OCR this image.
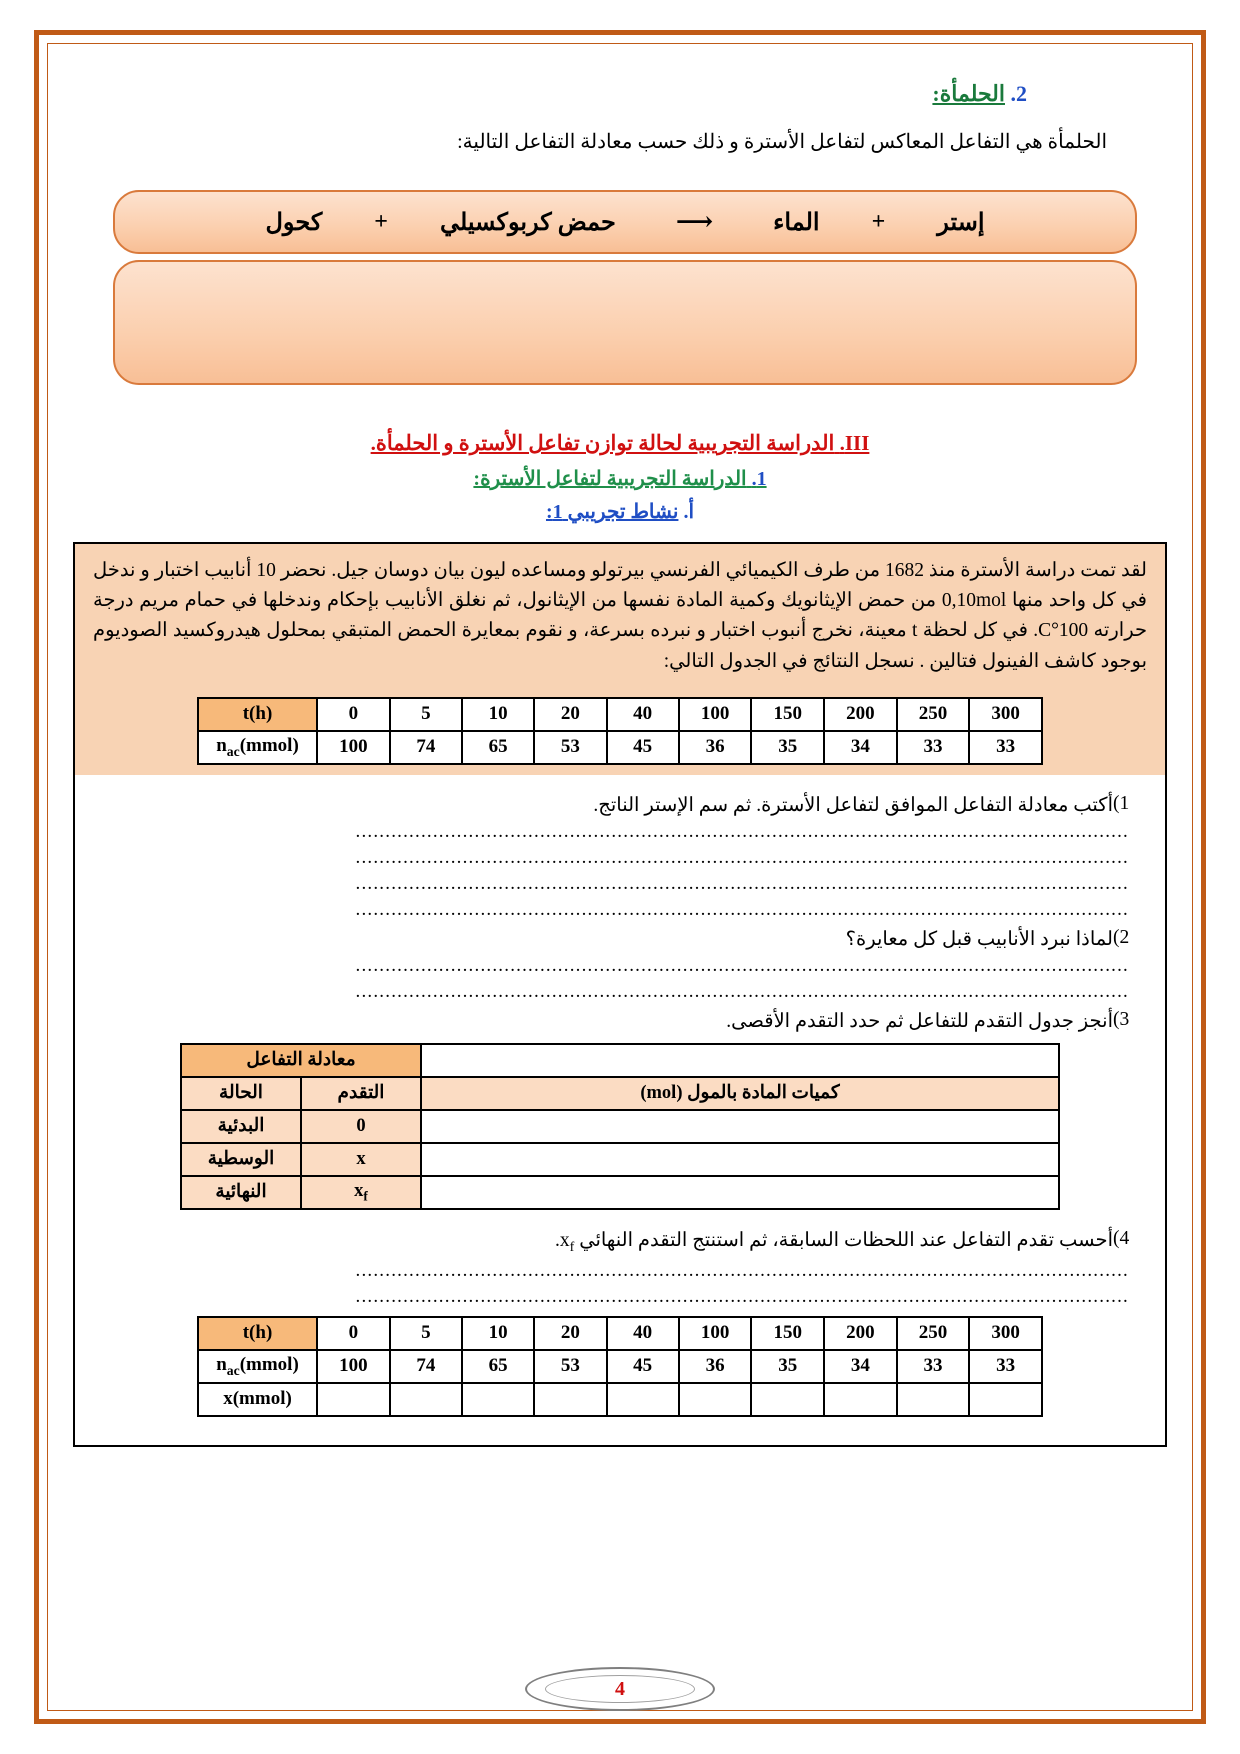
2. الحلمأة:
الحلمأة هي التفاعل المعاكس لتفاعل الأسترة و ذلك حسب معادلة التفاعل التالية:
إستر
+
الماء
⟶
حمض كربوكسيلي
+
كحول
III. الدراسة التجريبية لحالة توازن تفاعل الأسترة و الحلمأة.
1. الدراسة التجريبية لتفاعل الأسترة:
أ. نشاط تجريبي 1:

لقد تمت دراسة الأسترة منذ 1682 من طرف الكيميائي الفرنسي بيرتولو ومساعده ليون بيان دوسان جيل. نحضر 10 أنابيب اختبار و ندخل في كل واحد منها 0,10mol من حمض الإيثانويك وكمية المادة نفسها من الإيثانول، ثم نغلق الأنابيب بإحكام وندخلها في حمام مريم درجة حرارته 100°C. في كل لحظة t معينة، نخرج أنبوب اختبار و نبرده بسرعة، و نقوم بمعايرة الحمض المتبقي بمحلول هيدروكسيد الصوديوم بوجود كاشف الفينول فتالين . نسجل النتائج في الجدول التالي:

300	250	200	150	100	40	20	10	5	0	t(h)
33	33	34	35	36	45	53	65	74	100	$n_{ac}(mmol)$
1)
أكتب معادلة التفاعل الموافق لتفاعل الأسترة. ثم سم الإستر الناتج.
..................................................................................................................................
..................................................................................................................................
..................................................................................................................................
..................................................................................................................................
2)
لماذا نبرد الأنابيب قبل كل معايرة؟
..................................................................................................................................
..................................................................................................................................
3)
أنجز جدول التقدم للتفاعل ثم حدد التقدم الأقصى.
	معادلة التفاعل	
كميات المادة بالمول (mol)	التقدم	الحالة
	0	البدئية
	x	الوسطية
	$x_f$	النهائية
4)
أحسب تقدم التفاعل عند اللحظات السابقة، ثم استنتج التقدم النهائي $x_f$.
..................................................................................................................................
..................................................................................................................................
300	250	200	150	100	40	20	10	5	0	t(h)
33	33	34	35	36	45	53	65	74	100	$n_{ac}(mmol)$
										x(mmol)
4
